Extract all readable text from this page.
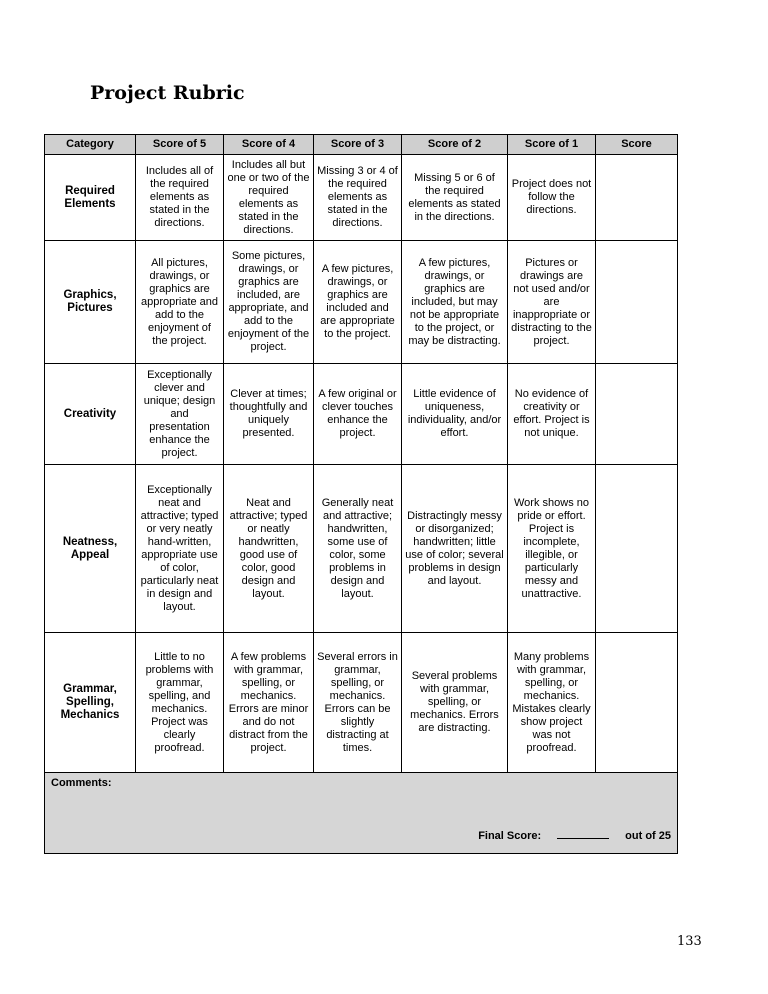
Project Rubric
Category	Score of 5	Score of 4	Score of 3	Score of 2	Score of 1	Score
Required Elements	Includes all of the required elements as stated in the directions.	Includes all but one or two of the required elements as stated in the directions.	Missing 3 or 4 of the required elements as stated in the directions.	Missing 5 or 6 of the required elements as stated in the directions.	Project does not follow the directions.	
Graphics, Pictures	All pictures, drawings, or graphics are appropriate and add to the enjoyment of the project.	Some pictures, drawings, or graphics are included, are appropriate, and add to the enjoyment of the project.	A few pictures, drawings, or graphics are included and are appropriate to the project.	A few pictures, drawings, or graphics are included, but may not be appropriate to the project, or may be distracting.	Pictures or drawings are not used and/or are inappropriate or distracting to the project.	
Creativity	Exceptionally clever and unique; design and presentation enhance the project.	Clever at times; thoughtfully and uniquely presented.	A few original or clever touches enhance the project.	Little evidence of uniqueness, individuality, and/or effort.	No evidence of creativity or effort. Project is not unique.	
Neatness, Appeal	Exceptionally neat and attractive; typed or very neatly hand-written, appropriate use of color, particularly neat in design and layout.	Neat and attractive; typed or neatly handwritten, good use of color, good design and layout.	Generally neat and attractive; handwritten, some use of color, some problems in design and layout.	Distractingly messy or disorganized; handwritten; little use of color; several problems in design and layout.	Work shows no pride or effort. Project is incomplete, illegible, or particularly messy and unattractive.	
Grammar, Spelling, Mechanics	Little to no problems with grammar, spelling, and mechanics. Project was clearly proofread.	A few problems with grammar, spelling, or mechanics. Errors are minor and do not distract from the project.	Several errors in grammar, spelling, or mechanics. Errors can be slightly distracting at times.	Several problems with grammar, spelling, or mechanics. Errors are distracting.	Many problems with grammar, spelling, or mechanics. Mistakes clearly show project was not proofread.	
Comments:
Final Score: out of 25						
133
